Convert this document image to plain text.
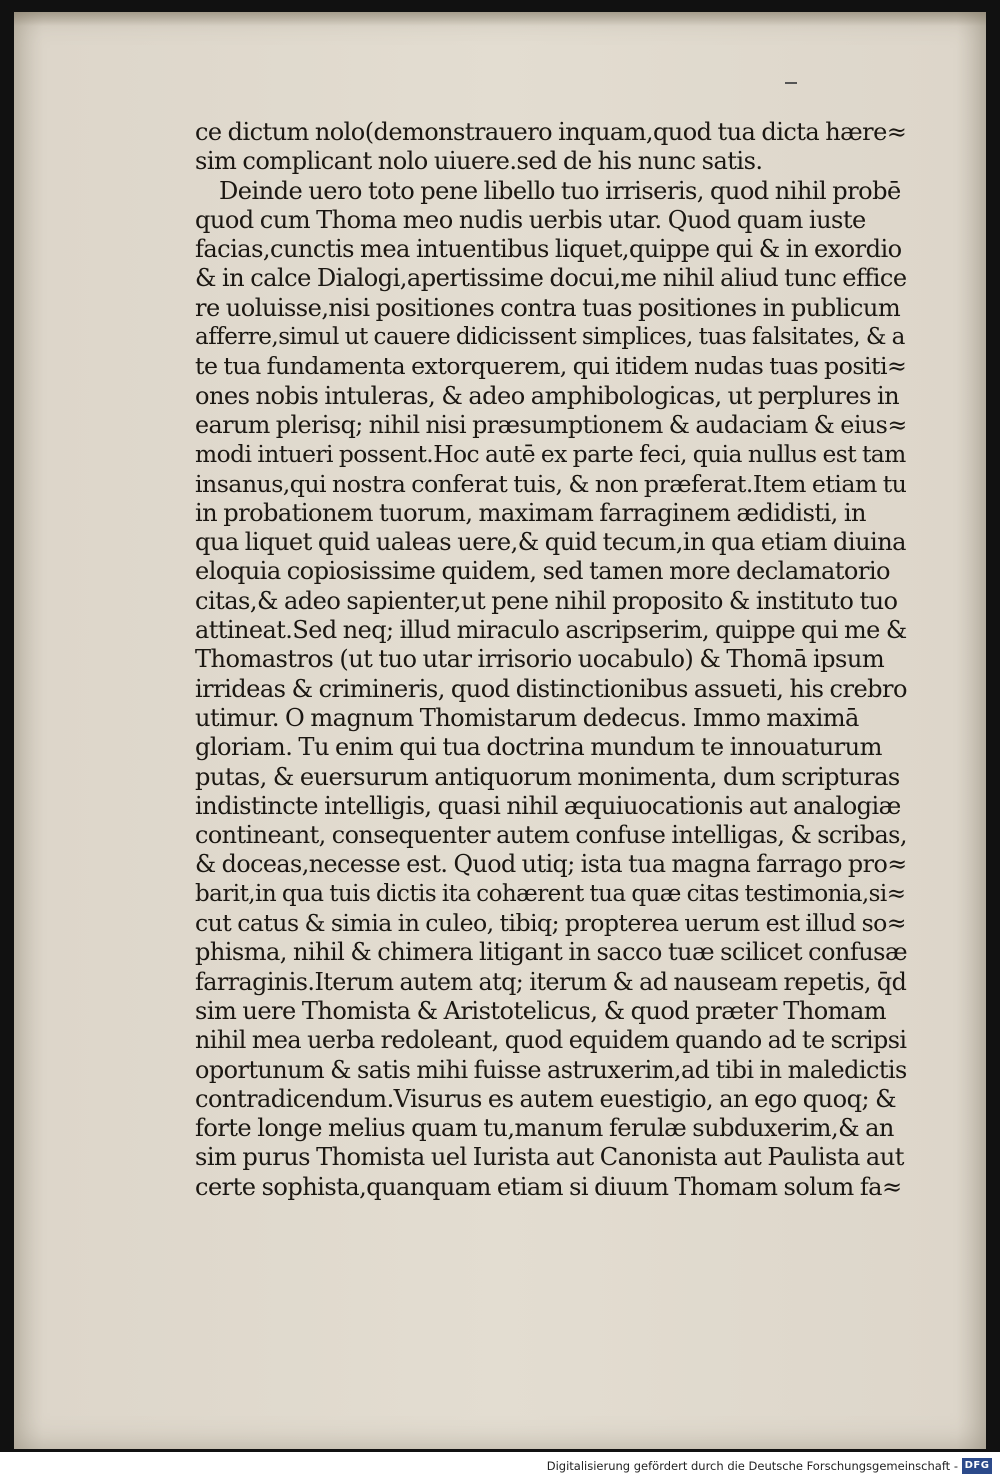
ce dictum nolo(demonstrauero inquam,quod tua dicta hære≈
sim complicant nolo uiuere.sed de his nunc satis.
Deinde uero toto pene libello tuo irriseris, quod nihil probē
quod cum Thoma meo nudis uerbis utar. Quod quam iuste
facias,cunctis mea intuentibus liquet,quippe qui & in exordio
& in calce Dialogi,apertissime docui,me nihil aliud tunc effice
re uoluisse,nisi positiones contra tuas positiones in publicum
afferre,simul ut cauere didicissent simplices, tuas falsitates, & a
te tua fundamenta extorquerem, qui itidem nudas tuas positi≈
ones nobis intuleras, & adeo amphibologicas, ut perplures in
earum plerisq; nihil nisi præsumptionem & audaciam & eius≈
modi intueri possent.Hoc autē ex parte feci, quia nullus est tam
insanus,qui nostra conferat tuis, & non præferat.Item etiam tu
in probationem tuorum, maximam farraginem ædidisti, in
qua liquet quid ualeas uere,& quid tecum,in qua etiam diuina
eloquia copiosissime quidem, sed tamen more declamatorio
citas,& adeo sapienter,ut pene nihil proposito & instituto tuo
attineat.Sed neq; illud miraculo ascripserim, quippe qui me &
Thomastros (ut tuo utar irrisorio uocabulo) & Thomā ipsum
irrideas & crimineris, quod distinctionibus assueti, his crebro
utimur. O magnum Thomistarum dedecus. Immo maximā
gloriam. Tu enim qui tua doctrina mundum te innouaturum
putas, & euersurum antiquorum monimenta, dum scripturas
indistincte intelligis, quasi nihil æquiuocationis aut analogiæ
contineant, consequenter autem confuse intelligas, & scribas,
& doceas,necesse est. Quod utiq; ista tua magna farrago pro≈
barit,in qua tuis dictis ita cohærent tua quæ citas testimonia,si≈
cut catus & simia in culeo, tibiq; propterea uerum est illud so≈
phisma, nihil & chimera litigant in sacco tuæ scilicet confusæ
farraginis.Iterum autem atq; iterum & ad nauseam repetis, q̄d
sim uere Thomista & Aristotelicus, & quod præter Thomam
nihil mea uerba redoleant, quod equidem quando ad te scripsi
oportunum & satis mihi fuisse astruxerim,ad tibi in maledictis
contradicendum.Visurus es autem euestigio, an ego quoq; &
forte longe melius quam tu,manum ferulæ subduxerim,& an
sim purus Thomista uel Iurista aut Canonista aut Paulista aut
certe sophista,quanquam etiam si diuum Thomam solum fa≈
Digitalisierung gefördert durch die Deutsche Forschungsgemeinschaft - DFG
